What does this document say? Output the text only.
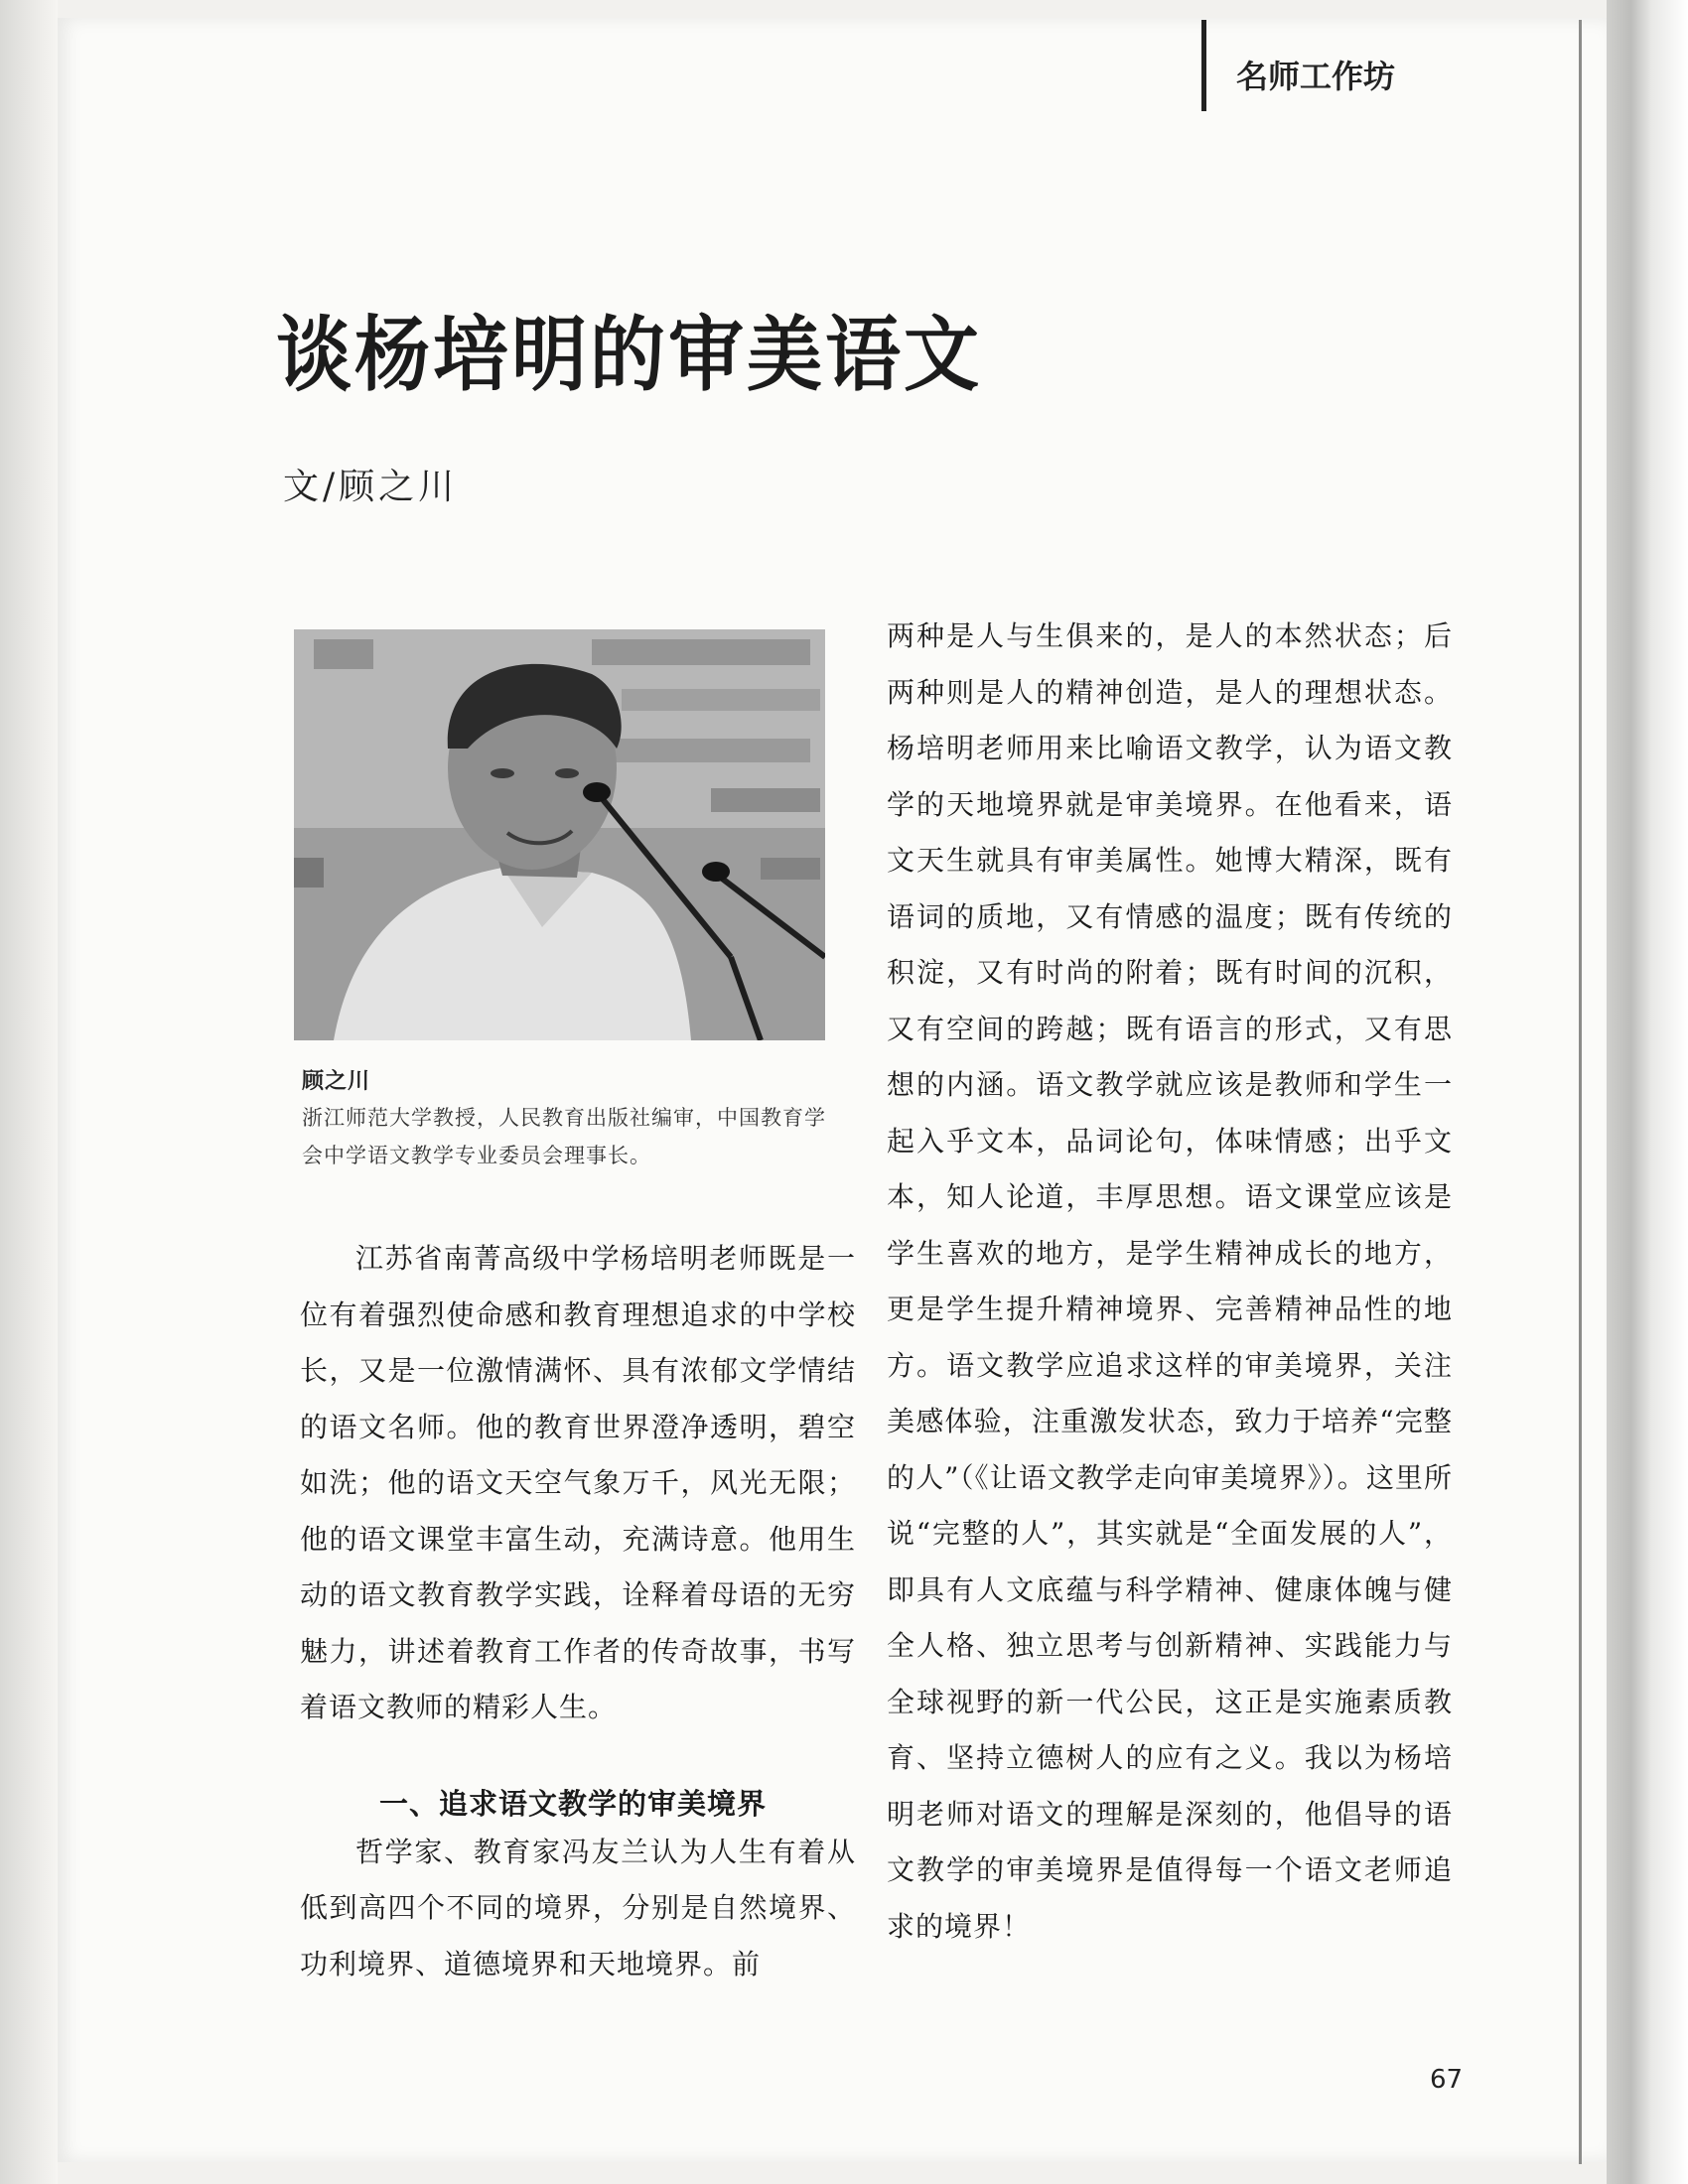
名师工作坊
谈杨培明的审美语文
文/顾之川
顾之川
浙江师范大学教授，人民教育出版社编审，中国教育学会中学语文教学专业委员会理事长。

江苏省南菁高级中学杨培明老师既是一位有着强烈使命感和教育理想追求的中学校长，又是一位激情满怀、具有浓郁文学情结的语文名师。他的教育世界澄净透明，碧空如洗；他的语文天空气象万千，风光无限；他的语文课堂丰富生动，充满诗意。他用生动的语文教育教学实践，诠释着母语的无穷魅力，讲述着教育工作者的传奇故事，书写着语文教师的精彩人生。

一、追求语文教学的审美境界

哲学家、教育家冯友兰认为人生有着从低到高四个不同的境界，分别是自然境界、功利境界、道德境界和天地境界。前

两种是人与生俱来的，是人的本然状态；后两种则是人的精神创造，是人的理想状态。杨培明老师用来比喻语文教学，认为语文教学的天地境界就是审美境界。在他看来，语文天生就具有审美属性。她博大精深，既有语词的质地，又有情感的温度；既有传统的积淀，又有时尚的附着；既有时间的沉积，又有空间的跨越；既有语言的形式，又有思想的内涵。语文教学就应该是教师和学生一起入乎文本，品词论句，体味情感；出乎文本，知人论道，丰厚思想。语文课堂应该是学生喜欢的地方，是学生精神成长的地方，更是学生提升精神境界、完善精神品性的地方。语文教学应追求这样的审美境界，关注美感体验，注重激发状态，致力于培养“完整的人”（《让语文教学走向审美境界》）。这里所说“完整的人”，其实就是“全面发展的人”，即具有人文底蕴与科学精神、健康体魄与健全人格、独立思考与创新精神、实践能力与全球视野的新一代公民，这正是实施素质教育、坚持立德树人的应有之义。我以为杨培明老师对语文的理解是深刻的，他倡导的语文教学的审美境界是值得每一个语文老师追求的境界！

67
